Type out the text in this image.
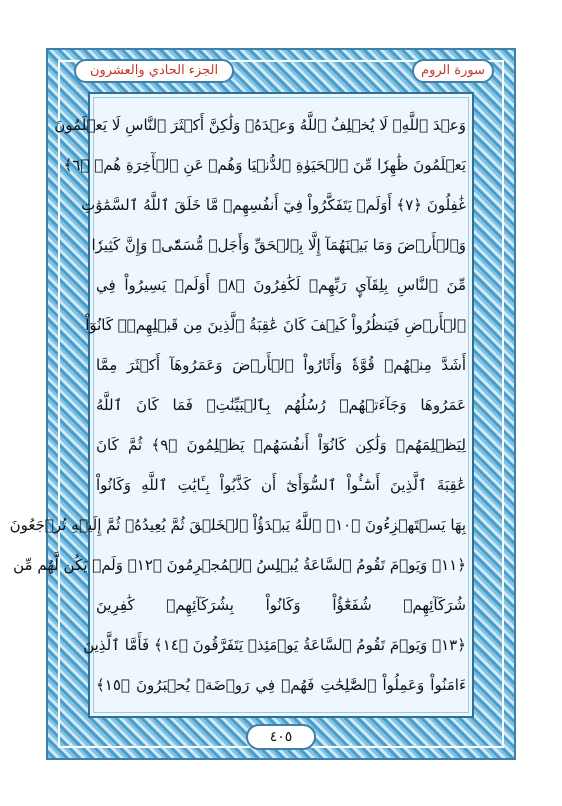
الجزء الحادي والعشرون	سورة الروم
وَعۡدَ ٱللَّهِۖ لَا يُخۡلِفُ ٱللَّهُ وَعۡدَهُۥ وَلَٰكِنَّ أَكۡثَرَ ٱلنَّاسِ لَا يَعۡلَمُونَ
يَعۡلَمُونَ ظَٰهِرٗا مِّنَ ٱلۡحَيَوٰةِ ٱلدُّنۡيَا وَهُمۡ عَنِ ٱلۡأٓخِرَةِ هُمۡ ﴿٦﴾
غَٰفِلُونَ ﴿٧﴾ أَوَلَمۡ يَتَفَكَّرُواْ فِيٓ أَنفُسِهِمۗ مَّا خَلَقَ ٱللَّهُ ٱلسَّمَٰوَٰتِ
وَٱلۡأَرۡضَ وَمَا بَيۡنَهُمَآ إِلَّا بِٱلۡحَقِّ وَأَجَلٖ مُّسَمّٗىۗ وَإِنَّ كَثِيرٗا
مِّنَ ٱلنَّاسِ بِلِقَآيِٕ رَبِّهِمۡ لَكَٰفِرُونَ ﴿٨﴾ أَوَلَمۡ يَسِيرُواْ فِي
ٱلۡأَرۡضِ فَيَنظُرُواْ كَيۡفَ كَانَ عَٰقِبَةُ ٱلَّذِينَ مِن قَبۡلِهِمۡۚ كَانُوٓاْ
أَشَدَّ مِنۡهُمۡ قُوَّةٗ وَأَثَارُواْ ٱلۡأَرۡضَ وَعَمَرُوهَآ أَكۡثَرَ مِمَّا
عَمَرُوهَا وَجَآءَتۡهُمۡ رُسُلُهُم بِٱلۡبَيِّنَٰتِۖ فَمَا كَانَ ٱللَّهُ
لِيَظۡلِمَهُمۡ وَلَٰكِن كَانُوٓاْ أَنفُسَهُمۡ يَظۡلِمُونَ ﴿٩﴾ ثُمَّ كَانَ
عَٰقِبَةَ ٱلَّذِينَ أَسَٰٓـُٔواْ ٱلسُّوٓأَىٰٓ أَن كَذَّبُواْ بِـَٔايَٰتِ ٱللَّهِ وَكَانُواْ
بِهَا يَسۡتَهۡزِءُونَ ﴿١٠﴾ ٱللَّهُ يَبۡدَؤُاْ ٱلۡخَلۡقَ ثُمَّ يُعِيدُهُۥ ثُمَّ إِلَيۡهِ تُرۡجَعُونَ
﴿١١﴾ وَيَوۡمَ تَقُومُ ٱلسَّاعَةُ يُبۡلِسُ ٱلۡمُجۡرِمُونَ ﴿١٢﴾ وَلَمۡ يَكُن لَّهُم مِّن
شُرَكَآئِهِمۡ شُفَعَٰٓؤُاْ وَكَانُواْ بِشُرَكَآئِهِمۡ كَٰفِرِينَ
﴿١٣﴾ وَيَوۡمَ تَقُومُ ٱلسَّاعَةُ يَوۡمَئِذٖ يَتَفَرَّقُونَ ﴿١٤﴾ فَأَمَّا ٱلَّذِينَ
ءَامَنُواْ وَعَمِلُواْ ٱلصَّٰلِحَٰتِ فَهُمۡ فِي رَوۡضَةٖ يُحۡبَرُونَ ﴿١٥﴾
٤٠٥
